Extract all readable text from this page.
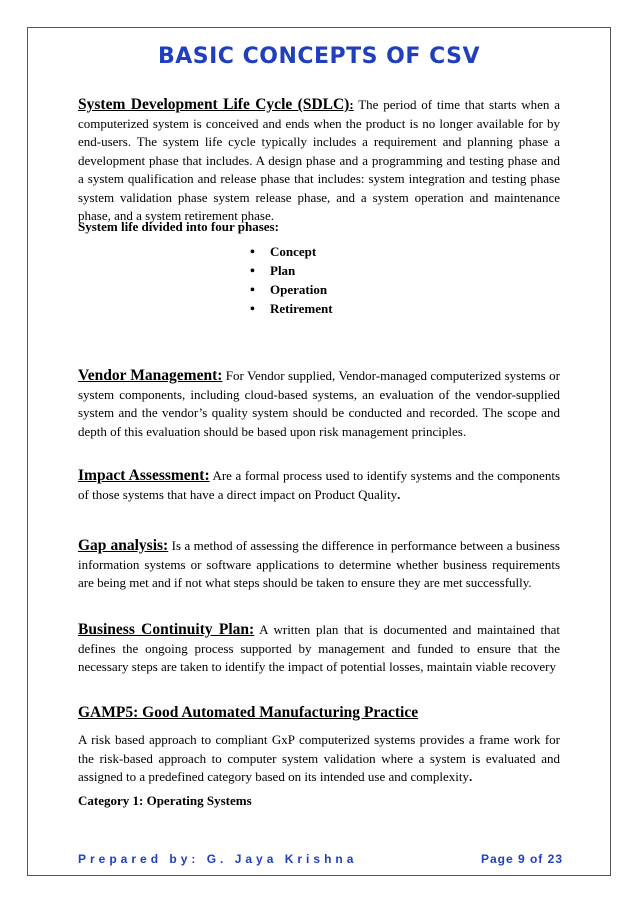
BASIC CONCEPTS OF CSV

System Development Life Cycle (SDLC): The period of time that starts when a computerized system is conceived and ends when the product is no longer available for by end-users. The system life cycle typically includes a requirement and planning phase a development phase that includes. A design phase and a programming and testing phase and a system qualification and release phase that includes: system integration and testing phase system validation phase system release phase, and a system operation and maintenance phase, and a system retirement phase.

System life divided into four phases:

• Concept
• Plan
• Operation
• Retirement

Vendor Management: For Vendor supplied, Vendor-managed computerized systems or system components, including cloud-based systems, an evaluation of the vendor-supplied system and the vendor’s quality system should be conducted and recorded. The scope and depth of this evaluation should be based upon risk management principles.

Impact Assessment: Are a formal process used to identify systems and the components of those systems that have a direct impact on Product Quality.

Gap analysis: Is a method of assessing the difference in performance between a business information systems or software applications to determine whether business requirements are being met and if not what steps should be taken to ensure they are met successfully.

Business Continuity Plan: A written plan that is documented and maintained that defines the ongoing process supported by management and funded to ensure that the necessary steps are taken to identify the impact of potential losses, maintain viable recovery

GAMP5: Good Automated Manufacturing Practice

A risk based approach to compliant GxP computerized systems provides a frame work for the risk-based approach to computer system validation where a system is evaluated and assigned to a predefined category based on its intended use and complexity.

Category 1: Operating Systems

Prepared by: G. Jaya Krishna	Page 9 of 23
